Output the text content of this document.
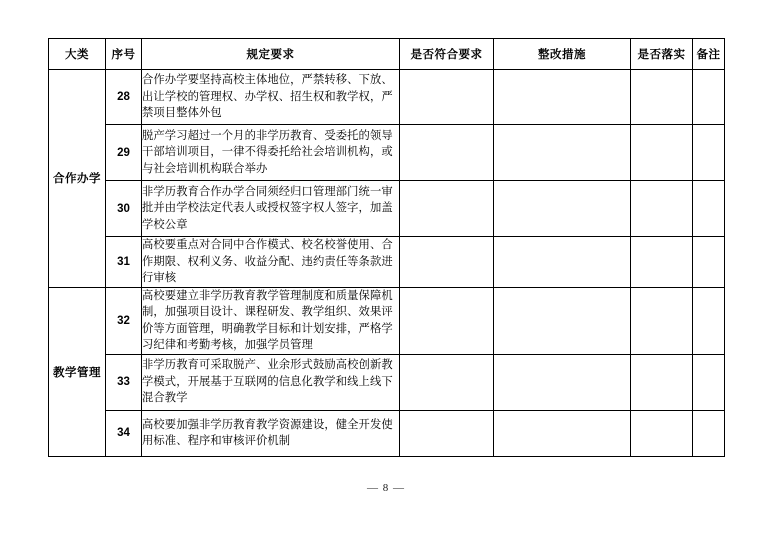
大类	序号	规定要求	是否符合要求	整改措施	是否落实	备注
合作办学	28	合作办学要坚持高校主体地位，严禁转移、下放、出让学校的管理权、办学权、招生权和教学权，严禁项目整体外包				
	29	脱产学习超过一个月的非学历教育、受委托的领导干部培训项目，一律不得委托给社会培训机构，或与社会培训机构联合举办				
	30	非学历教育合作办学合同须经归口管理部门统一审批并由学校法定代表人或授权签字权人签字，加盖学校公章				
	31	高校要重点对合同中合作模式、校名校誉使用、合作期限、权利义务、收益分配、违约责任等条款进行审核				
教学管理	32	高校要建立非学历教育教学管理制度和质量保障机制，加强项目设计、课程研发、教学组织、效果评价等方面管理，明确教学目标和计划安排，严格学习纪律和考勤考核，加强学员管理				
	33	非学历教育可采取脱产、业余形式鼓励高校创新教学模式，开展基于互联网的信息化教学和线上线下混合教学				
	34	高校要加强非学历教育教学资源建设，健全开发使用标准、程序和审核评价机制				
— 8 —
